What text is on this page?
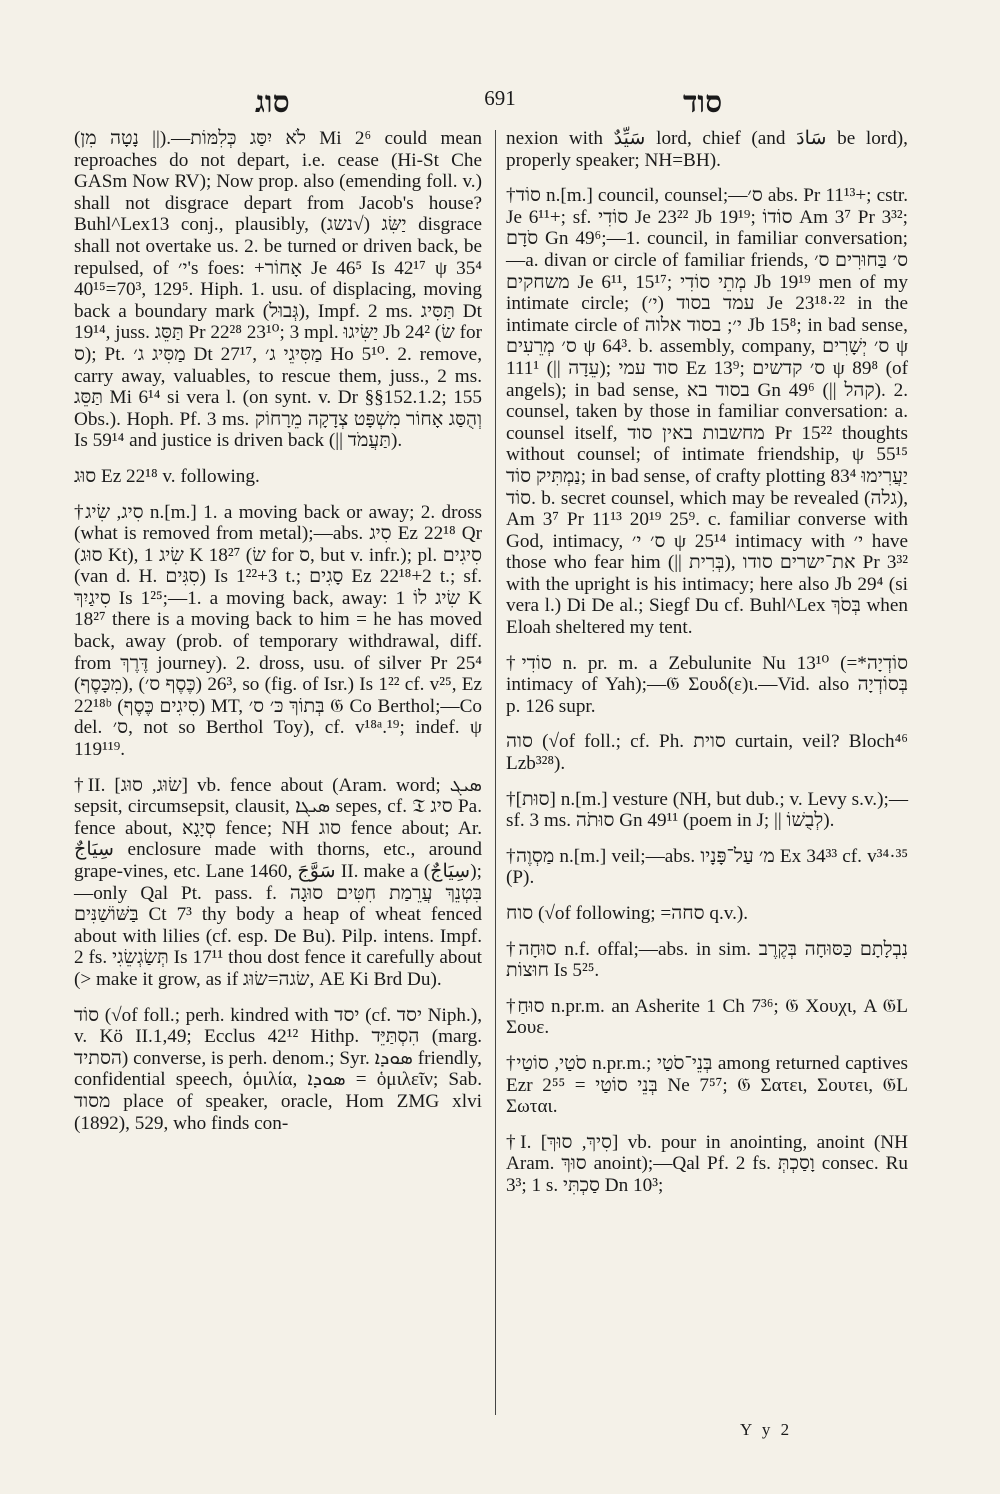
סוג	691	סוד

(נָטָה מִן ||).—לֹא יִסַּג כְּלִמּוֹת Mi 2⁶ could mean reproaches do not depart, i.e. cease (Hi-St Che GASm Now RV); Now prop. also (emending foll. v.) shall not disgrace depart from Jacob's house? Buhl^Lex13 conj., plausibly, יַשִּׂג (√נשג) disgrace shall not overtake us. 2. be turned or driven back, be repulsed, of י׳'s foes: +אָחוֹר Je 46⁵ Is 42¹⁷ ψ 35⁴ 40¹⁵=70³, 129⁵. Hiph. 1. usu. of displacing, moving back a boundary mark (גְּבוּל), Impf. 2 ms. תַּסִּיג Dt 19¹⁴, juss. תַּסֵּג Pr 22²⁸ 23¹⁰; 3 mpl. יַשִּׂיגוּ Jb 24² (שׂ for ס); Pt. מַסִּיג ג׳ Dt 27¹⁷, מַסִּיגֵי ג׳ Ho 5¹⁰. 2. remove, carry away, valuables, to rescue them, juss., 2 ms. תַּסֵּג Mi 6¹⁴ si vera l. (on synt. v. Dr §§152.1.2; 155 Obs.). Hoph. Pf. 3 ms. וְהֻסַּג אָחוֹר מִשְׁפָּט צְדָקָה מֵרָחוֹק Is 59¹⁴ and justice is driven back (|| תַּעֲמֹד).

סוּג Ez 22¹⁸ v. following.

†סִיג, שִׂיג n.[m.] 1. a moving back or away; 2. dross (what is removed from metal);—abs. סִיג Ez 22¹⁸ Qr (סוּג Kt), שִׂיג 1 K 18²⁷ (שׂ for ס, but v. infr.); pl. סִיגִים (van d. H. סִגִּים) Is 1²²+3 t.; סָגִים Ez 22¹⁸+2 t.; sf. סִיגַיִךְ Is 1²⁵;—1. a moving back, away: שִׂיג לוֹ 1 K 18²⁷ there is a moving back to him = he has moved back, away (prob. of temporary withdrawal, diff. from דֶּרֶךְ journey). 2. dross, usu. of silver Pr 25⁴ (מִכָּסֶף), 26³ (כֶּסֶף ס׳), so (fig. of Isr.) Is 1²² cf. v²⁵, Ez 22¹⁸ᵇ (סִיגִים כֶּסֶף) MT, בְּתוֹךְ כּ׳ ס׳ 𝔊 Co Berthol;—Co del. ס׳, not so Berthol Toy), cf. v¹⁸ᵃ.¹⁹; indef. ψ 119¹¹⁹.

†II. [שׂוּג, סוּג] vb. fence about (Aram. word; ܣܝܓ sepsit, circumsepsit, clausit, ܣܝܓܐ sepes, cf. 𝔗 סיג Pa. fence about, סְיָגָא fence; NH סוג fence about; Ar. سِيَاجٌ enclosure made with thorns, etc., around grape-vines, etc. Lane 1460, سَوَّجَ II. make a (سِيَاجٌ);—only Qal Pt. pass. f. בִּטְנֵךְ עֲרֵמַת חִטִּים סוּגָה בַּשּׁוֹשַׁנִּים Ct 7³ thy body a heap of wheat fenced about with lilies (cf. esp. De Bu). Pilp. intens. Impf. 2 fs. תְּשַׂגְשֵׂגִי Is 17¹¹ thou dost fence it carefully about (> make it grow, as if שׂגה=שׂוּג, AE Ki Brd Du).

סוֹד (√of foll.; perh. kindred with יסד (cf. יסד Niph.), v. Kö II.1,49; Ecclus 42¹² Hithp. הִסְתַּיֵּד (marg. הסתיד) converse, is perh. denom.; Syr. ܣܘܕܐ friendly, confidential speech, ὁμιλία, ܣܘܕܐ = ὁμιλεῖν; Sab. מסוד place of speaker, oracle, Hom ZMG xlvi (1892), 529, who finds con-

nexion with سَيِّدٌ lord, chief (and سَادَ be lord), properly speaker; NH=BH).

†סוֹד n.[m.] council, counsel;—ס׳ abs. Pr 11¹³+; cstr. Je 6¹¹+; sf. סוֹדִי Je 23²² Jb 19¹⁹; סוֹדוֹ Am 3⁷ Pr 3³²; סֹדָם Gn 49⁶;—1. council, in familiar conversation;—a. divan or circle of familiar friends, ס׳ בַּחוּרִים ס׳ משחקים Je 6¹¹, 15¹⁷; מְתֵי סוֹדִי Jb 19¹⁹ men of my intimate circle; (י׳) עמד בסוד Je 23¹⁸·²² in the intimate circle of י׳; בסוד אלוה Jb 15⁸; in bad sense, ס׳ מְרֵעִים ψ 64³. b. assembly, company, ס׳ יְשָׁרִים ψ 111¹ (|| עֵדָה); סוד עמי Ez 13⁹; ס׳ קדשים ψ 89⁸ (of angels); in bad sense, בסוד בא Gn 49⁶ (|| קהל). 2. counsel, taken by those in familiar conversation: a. counsel itself, מחשבות באין סוד Pr 15²² thoughts without counsel; of intimate friendship, ψ 55¹⁵ נַמְתִּיק סוֹד; in bad sense, of crafty plotting 83⁴ יַעֲרִימוּ סוֹד. b. secret counsel, which may be revealed (גלה), Am 3⁷ Pr 11¹³ 20¹⁹ 25⁹. c. familiar converse with God, intimacy, ס׳ י׳ ψ 25¹⁴ intimacy with י׳ have those who fear him (|| בְּרִית), את־ישרים סודו Pr 3³² with the upright is his intimacy; here also Jb 29⁴ (si vera l.) Di De al.; Siegf Du cf. Buhl^Lex בְּסֹךְ when Eloah sheltered my tent.

†סוֹדִי n. pr. m. a Zebulunite Nu 13¹⁰ (=*סוֹדְיָה intimacy of Yah);—𝔊 Σουδ(ε)ι.—Vid. also בְּסוֹדְיָה p. 126 supr.

סוה (√of foll.; cf. Ph. סוית curtain, veil? Bloch⁴⁶ Lzb³²⁸).

†[סוּת] n.[m.] vesture (NH, but dub.; v. Levy s.v.);—sf. 3 ms. סוּתֹה Gn 49¹¹ (poem in J; || לְבֻשׁוֹ).

†מַסְוֶה n.[m.] veil;—abs. מ׳ עַל־פָּנָיו Ex 34³³ cf. v³⁴·³⁵ (P).

סוח (√of following; =סחה q.v.).

†סוּחָה n.f. offal;—abs. in sim. נִבְלָתָם כַּסּוּחָה בְּקֶרֶב חוּצוֹת Is 5²⁵.

†סוּחַ n.pr.m. an Asherite 1 Ch 7³⁶; 𝔊 Χουχι, A 𝔊L Σουε.

†סֹטַי, סוֹטַי n.pr.m.; בְּנֵי־סֹטַי among returned captives Ezr 2⁵⁵ = בְּנֵי סוֹטַי Ne 7⁵⁷; 𝔊 Σατει, Σουτει, 𝔊L Σωται.

†I. [סִיךְ, סוּךְ] vb. pour in anointing, anoint (NH Aram. סוּךְ anoint);—Qal Pf. 2 fs. וָסַכְתְּ consec. Ru 3³; 1 s. סַכְתִּי Dn 10³;

Y y 2
